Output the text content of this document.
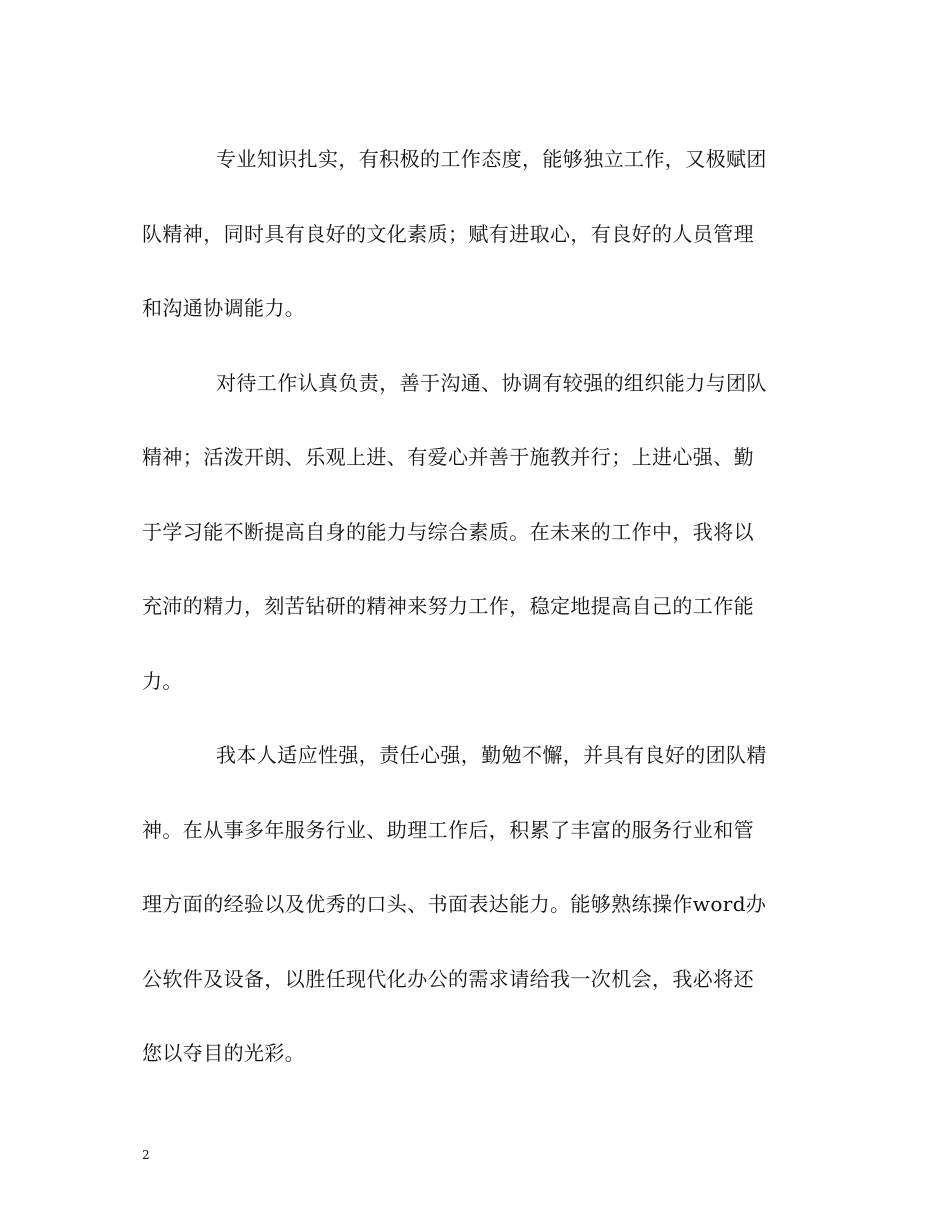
专业知识扎实，有积极的工作态度，能够独立工作，又极赋团
队精神，同时具有良好的文化素质；赋有进取心，有良好的人员管理
和沟通协调能力。
对待工作认真负责，善于沟通、协调有较强的组织能力与团队
精神；活泼开朗、乐观上进、有爱心并善于施教并行；上进心强、勤
于学习能不断提高自身的能力与综合素质。在未来的工作中，我将以
充沛的精力，刻苦钻研的精神来努力工作，稳定地提高自己的工作能
力。
我本人适应性强，责任心强，勤勉不懈，并具有良好的团队精
神。在从事多年服务行业、助理工作后，积累了丰富的服务行业和管
理方面的经验以及优秀的口头、书面表达能力。能够熟练操作word办
公软件及设备，以胜任现代化办公的需求请给我一次机会，我必将还
您以夺目的光彩。
2
